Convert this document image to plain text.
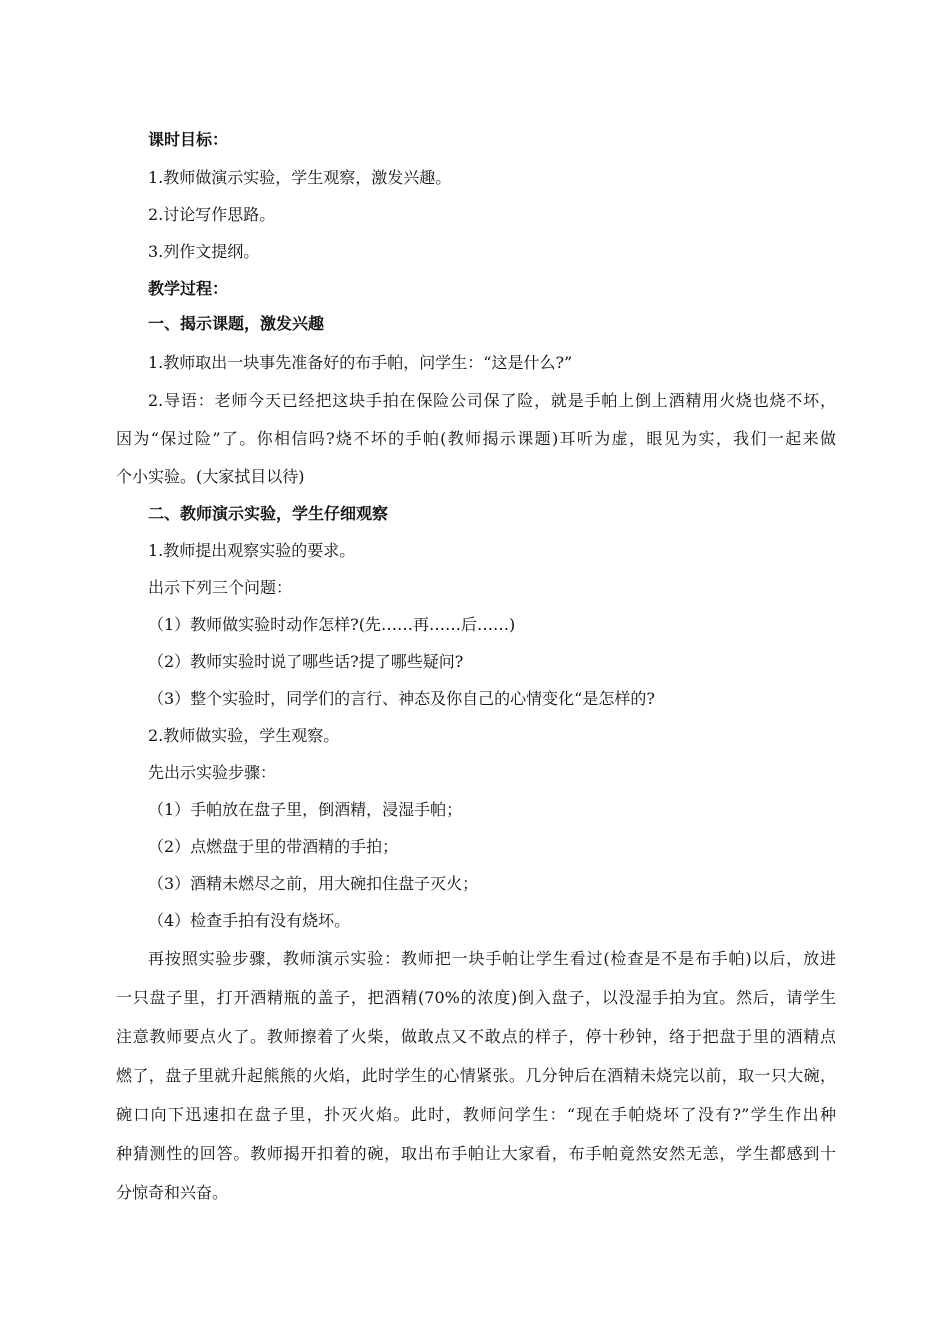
课时目标：
1.教师做演示实验，学生观察，激发兴趣。
2.讨论写作思路。
3.列作文提纲。
教学过程：
一、揭示课题，激发兴趣
1.教师取出一块事先准备好的布手帕，问学生：“这是什么?”
2.导语：老师今天已经把这块手拍在保险公司保了险，就是手帕上倒上酒精用火烧也烧不坏，
因为“保过险”了。你相信吗?烧不坏的手帕(教师揭示课题)耳听为虚，眼见为实，我们一起来做
个小实验。(大家拭目以待)
二、教师演示实验，学生仔细观察
1.教师提出观察实验的要求。
出示下列三个问题：
（1）教师做实验时动作怎样?(先……再……后……)
（2）教师实验时说了哪些话?提了哪些疑问?
（3）整个实验时，同学们的言行、神态及你自己的心情变化“是怎样的?
2.教师做实验，学生观察。
先出示实验步骤：
（1）手帕放在盘子里，倒酒精，浸湿手帕；
（2）点燃盘于里的带酒精的手拍；
（3）酒精未燃尽之前，用大碗扣住盘子灭火；
（4）检查手拍有没有烧坏。
再按照实验步骤，教师演示实验：教师把一块手帕让学生看过(检查是不是布手帕)以后，放进
一只盘子里，打开酒精瓶的盖子，把酒精(70%的浓度)倒入盘子，以没湿手拍为宜。然后，请学生
注意教师要点火了。教师擦着了火柴，做敢点又不敢点的样子，停十秒钟，络于把盘于里的酒精点
燃了，盘子里就升起熊熊的火焰，此时学生的心情紧张。几分钟后在酒精未烧完以前，取一只大碗，
碗口向下迅速扣在盘子里，扑灭火焰。此时，教师问学生：“现在手帕烧坏了没有?”学生作出种
种猜测性的回答。教师揭开扣着的碗，取出布手帕让大家看，布手帕竟然安然无恙，学生都感到十
分惊奇和兴奋。
